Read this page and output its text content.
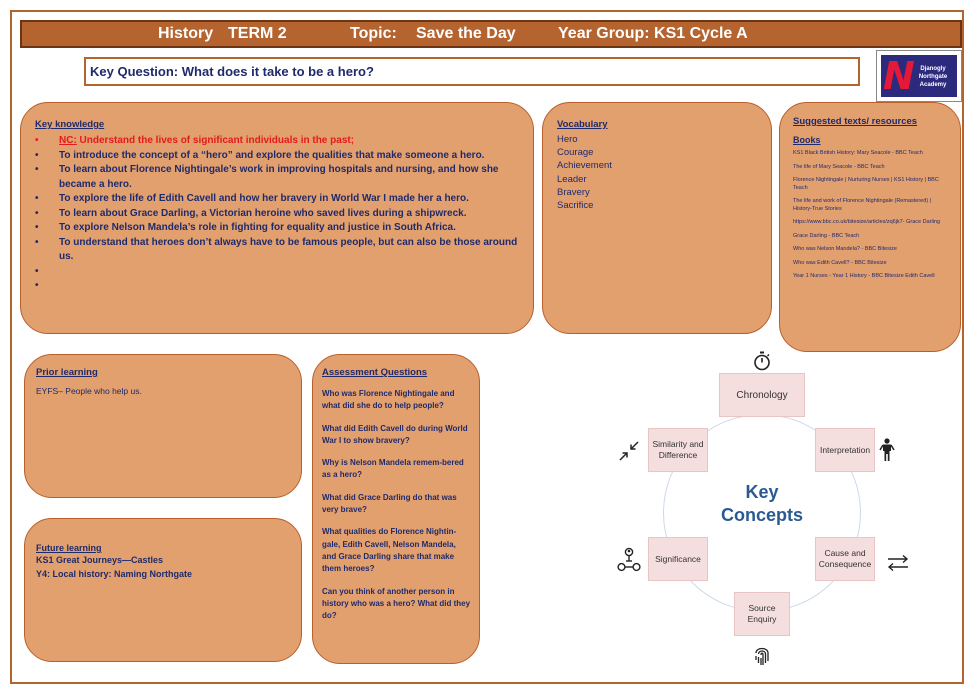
History TERM 2	Topic: Save the Day	Year Group: KS1 Cycle A
Key Question: What does it take to be a hero?	N Djanogly
Northgate
Academy
Key knowledge
• NC: Understand the lives of significant individuals in the past;
• To introduce the concept of a “hero” and explore the qualities that make someone a hero.
• To learn about Florence Nightingale’s work in improving hospitals and nursing, and how she became a hero.
• To explore the life of Edith Cavell and how her bravery in World War I made her a hero.
• To learn about Grace Darling, a Victorian heroine who saved lives during a shipwreck.
• To explore Nelson Mandela’s role in fighting for equality and justice in South Africa.
• To understand that heroes don’t always have to be famous people, but can also be those around us.
•
•
Vocabulary
Hero
Courage
Achievement
Leader
Bravery
Sacrifice
Suggested texts/ resources
Books
KS1 Black British History: Mary Seacole - BBC Teach
The life of Mary Seacole - BBC Teach
Florence Nightingale | Nurturing Nurses | KS1 History | BBC Teach
The life and work of Florence Nightingale (Remastered) | History-True Stories
https://www.bbc.co.uk/bitesize/articles/zq6jk7- Grace Darling
Grace Darling - BBC Teach
Who was Nelson Mandela? - BBC Bitesize
Who was Edith Cavell? - BBC Bitesize
Year 1 Nurses - Year 1 History - BBC Bitesize Edith Cavell
Prior learning
EYFS– People who help us.
Future learning
KS1 Great Journeys—Castles
Y4: Local history: Naming Northgate
Assessment Questions
Who was Florence Nightingale and what did she do to help people?
What did Edith Cavell do during World War I to show bravery?
Why is Nelson Mandela remem-bered as a hero?
What did Grace Darling do that was very brave?
What qualities do Florence Nightin-gale, Edith Cavell, Nelson Mandela, and Grace Darling share that make them heroes?
Can you think of another person in history who was a hero? What did they do?
Key
Concepts
Chronology
Interpretation
Similarity and
Difference
Significance
Cause and
Consequence
Source
Enquiry
